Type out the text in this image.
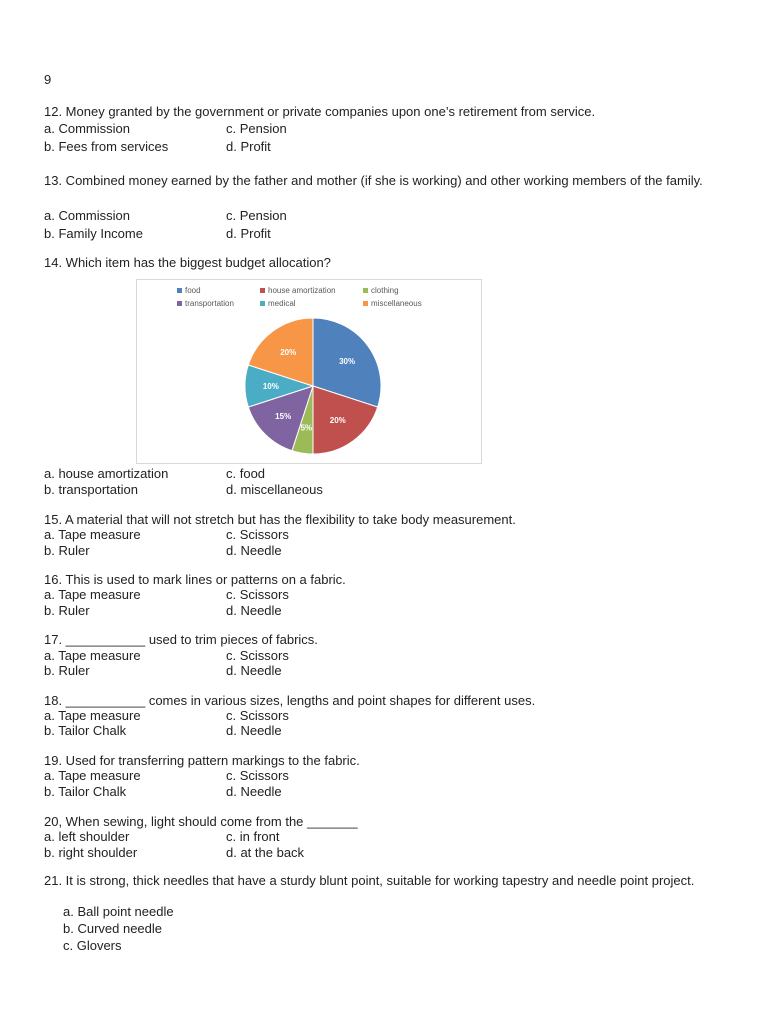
9
12. Money granted by the government or private companies upon one’s retirement from service.
a. Commission	c. Pension
b. Fees from services	d. Profit
13. Combined money earned by the father and mother (if she is working) and other working members of the family.
a. Commission	c. Pension
b. Family Income	d. Profit
14. Which item has the biggest budget allocation?
food	house amortization	clothing
transportation	medical	miscellaneous
30%
20%
5%
15%
10%
20%
a. house amortization	c. food
b. transportation	d. miscellaneous
15. A material that will not stretch but has the flexibility to take body measurement.
a. Tape measure	c. Scissors
b. Ruler	d. Needle
16. This is used to mark lines or patterns on a fabric.
a. Tape measure	c. Scissors
b. Ruler	d. Needle
17. ___________ used to trim pieces of fabrics.
a. Tape measure	c. Scissors
b. Ruler	d. Needle
18. ___________ comes in various sizes, lengths and point shapes for different uses.
a. Tape measure	c. Scissors
b. Tailor Chalk	d. Needle
19. Used for transferring pattern markings to the fabric.
a. Tape measure	c. Scissors
b. Tailor Chalk	d. Needle
20, When sewing, light should come from the _______
a. left shoulder	c. in front
b. right shoulder	d. at the back
21. It is strong, thick needles that have a sturdy blunt point, suitable for working tapestry and needle point project.
a. Ball point needle
b. Curved needle
c. Glovers
